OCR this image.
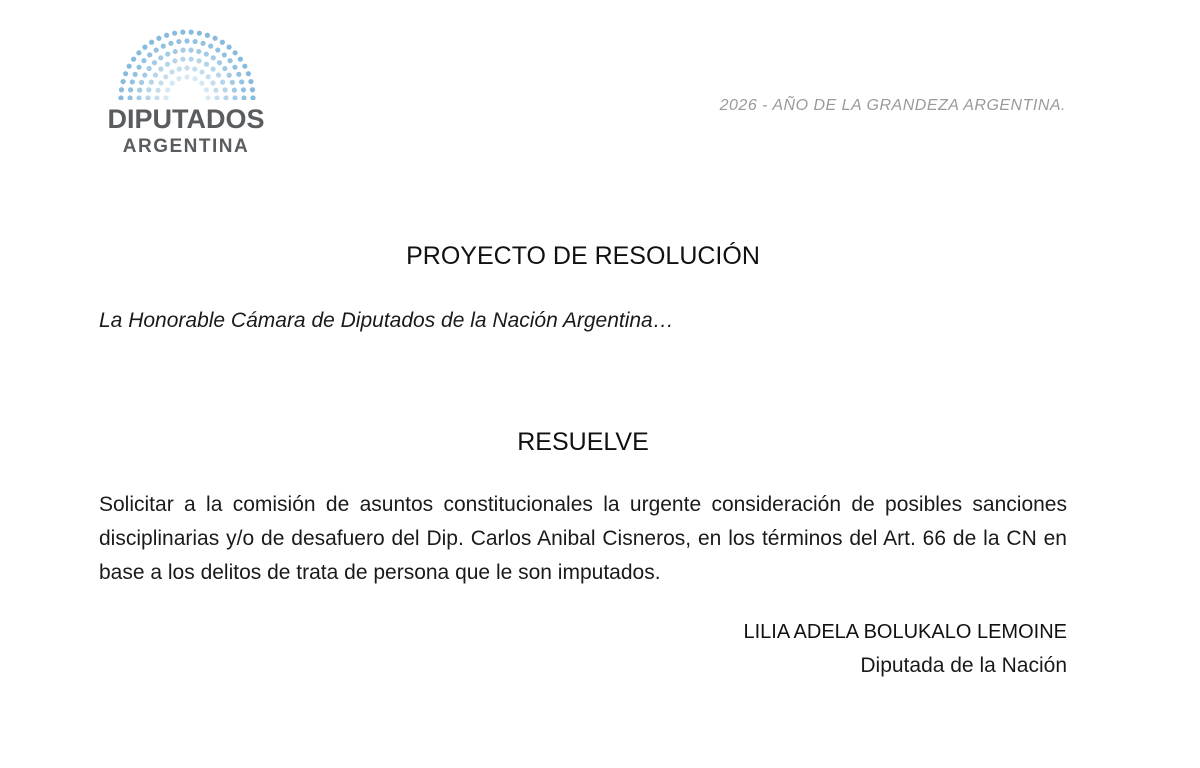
DIPUTADOS
ARGENTINA
2026 - AÑO DE LA GRANDEZA ARGENTINA.
PROYECTO DE RESOLUCIÓN
La Honorable Cámara de Diputados de la Nación Argentina…
RESUELVE
Solicitar a la comisión de asuntos constitucionales la urgente consideración de posibles sanciones disciplinarias y/o de desafuero del Dip. Carlos Anibal Cisneros, en los términos del Art. 66 de la CN en base a los delitos de trata de persona que le son imputados.
LILIA ADELA BOLUKALO LEMOINE
Diputada de la Nación
